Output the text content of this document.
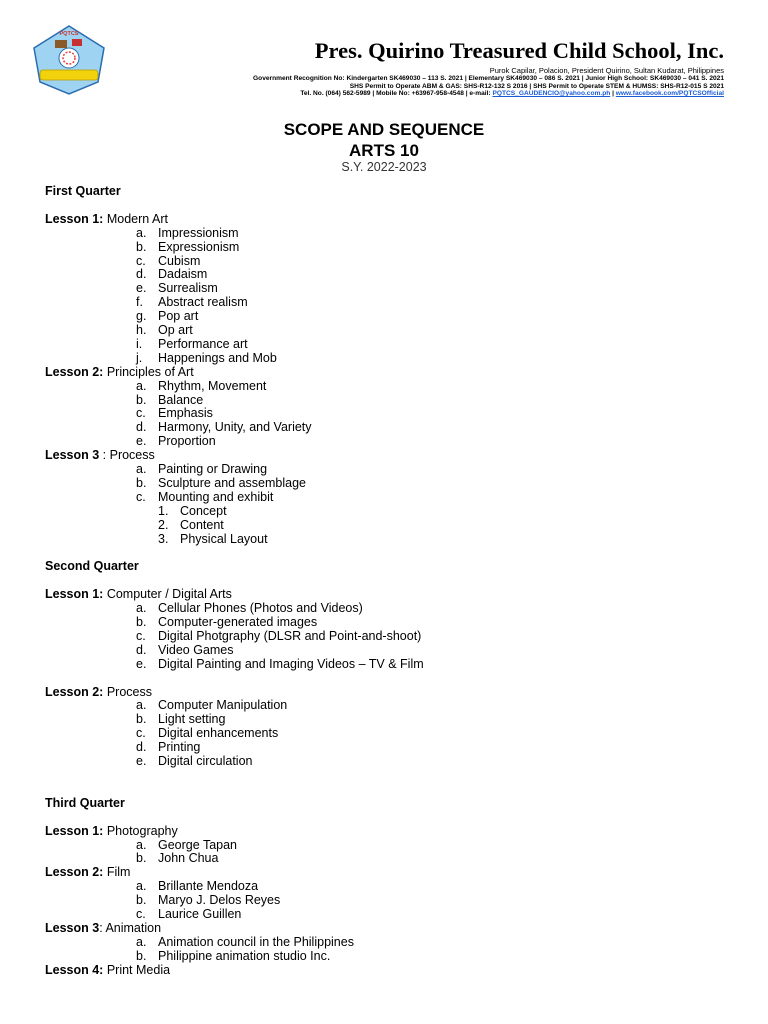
PQTCS
Pres. Quirino Treasured Child School, Inc.
Purok Capilar, Polacion, President Quirino, Sultan Kudarat, Philippines
Government Recognition No: Kindergarten SK469030 – 113 S. 2021 | Elementary SK469030 – 086 S. 2021 | Junior High School: SK469030 – 041 S. 2021
SHS Permit to Operate ABM & GAS: SHS-R12-132 S 2016 | SHS Permit to Operate STEM & HUMSS: SHS-R12-015 S 2021
Tel. No. (064) 562-5989 | Mobile No: +63967-958-4548 | e-mail: PQTCS_GAUDENCIO@yahoo.com.ph | www.facebook.com/PQTCSOfficial
SCOPE AND SEQUENCE
ARTS 10
S.Y. 2022-2023
First Quarter
Lesson 1: Modern Art
a. Impressionism
b. Expressionism
c. Cubism
d. Dadaism
e. Surrealism
f.	Abstract realism
g. Pop art
h. Op art
i.	Performance art
j.	Happenings and Mob
Lesson 2: Principles of Art
a. Rhythm, Movement
b. Balance
c. Emphasis
d. Harmony, Unity, and Variety
e. Proportion
Lesson 3 : Process
a. Painting or Drawing
b. Sculpture and assemblage
c. Mounting and exhibit
1. Concept
2. Content
3. Physical Layout
Second Quarter
Lesson 1: Computer / Digital Arts
a. Cellular Phones (Photos and Videos)
b. Computer-generated images
c. Digital Photgraphy (DLSR and Point-and-shoot)
d. Video Games
e. Digital Painting and Imaging Videos – TV & Film
Lesson 2: Process
a. Computer Manipulation
b. Light setting
c. Digital enhancements
d. Printing
e. Digital circulation
Third Quarter
Lesson 1: Photography
a. George Tapan
b. John Chua
Lesson 2: Film
a. Brillante Mendoza
b. Maryo J. Delos Reyes
c. Laurice Guillen
Lesson 3: Animation
a. Animation council in the Philippines
b. Philippine animation studio Inc.
Lesson 4: Print Media
